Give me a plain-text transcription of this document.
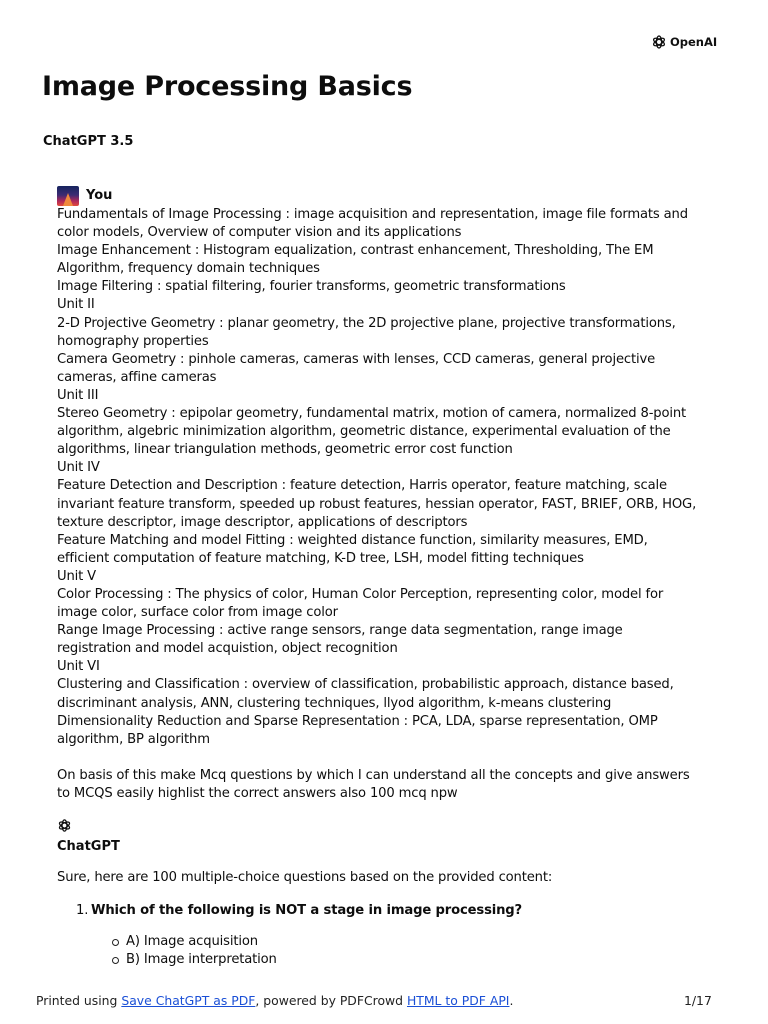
OpenAI
Image Processing Basics
ChatGPT 3.5
You
Fundamentals of Image Processing : image acquisition and representation, image file formats and
color models, Overview of computer vision and its applications
Image Enhancement : Histogram equalization, contrast enhancement, Thresholding, The EM
Algorithm, frequency domain techniques
Image Filtering : spatial filtering, fourier transforms, geometric transformations
Unit II
2-D Projective Geometry : planar geometry, the 2D projective plane, projective transformations,
homography properties
Camera Geometry : pinhole cameras, cameras with lenses, CCD cameras, general projective
cameras, affine cameras
Unit III
Stereo Geometry : epipolar geometry, fundamental matrix, motion of camera, normalized 8-point
algorithm, algebric minimization algorithm, geometric distance, experimental evaluation of the
algorithms, linear triangulation methods, geometric error cost function
Unit IV
Feature Detection and Description : feature detection, Harris operator, feature matching, scale
invariant feature transform, speeded up robust features, hessian operator, FAST, BRIEF, ORB, HOG,
texture descriptor, image descriptor, applications of descriptors
Feature Matching and model Fitting : weighted distance function, similarity measures, EMD,
efficient computation of feature matching, K-D tree, LSH, model fitting techniques
Unit V
Color Processing : The physics of color, Human Color Perception, representing color, model for
image color, surface color from image color
Range Image Processing : active range sensors, range data segmentation, range image
registration and model acquistion, object recognition
Unit VI
Clustering and Classification : overview of classification, probabilistic approach, distance based,
discriminant analysis, ANN, clustering techniques, llyod algorithm, k-means clustering
Dimensionality Reduction and Sparse Representation : PCA, LDA, sparse representation, OMP
algorithm, BP algorithm
On basis of this make Mcq questions by which I can understand all the concepts and give answers
to MCQS easily highlist the correct answers also 100 mcq npw
ChatGPT
Sure, here are 100 multiple-choice questions based on the provided content:
1. Which of the following is NOT a stage in image processing?
A) Image acquisition
B) Image interpretation
Printed using Save ChatGPT as PDF, powered by PDFCrowd HTML to PDF API.	1/17
